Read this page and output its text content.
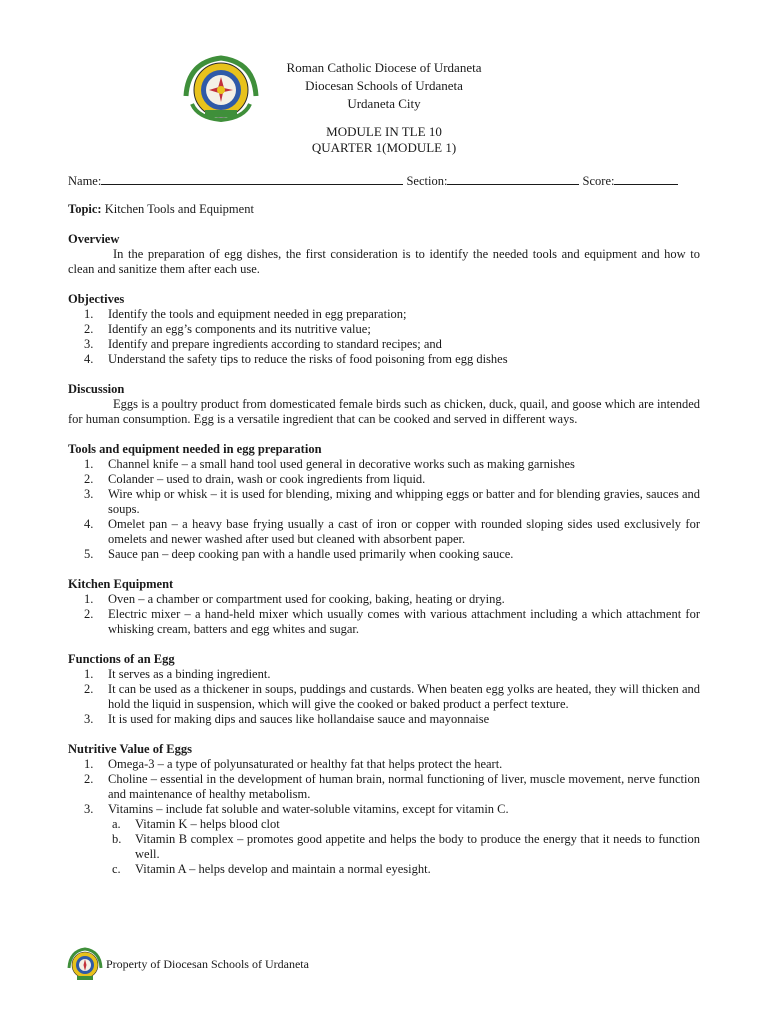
Roman Catholic Diocese of Urdaneta
Diocesan Schools of Urdaneta
Urdaneta City
MODULE IN TLE 10
QUARTER 1(MODULE 1)
Name:	Section:	Score:
Topic: Kitchen Tools and Equipment
Overview

In the preparation of egg dishes, the first consideration is to identify the needed tools and equipment and how to clean and sanitize them after each use.

Objectives
1. Identify the tools and equipment needed in egg preparation;
2. Identify an egg’s components and its nutritive value;
3. Identify and prepare ingredients according to standard recipes; and
4. Understand the safety tips to reduce the risks of food poisoning from egg dishes
Discussion

Eggs is a poultry product from domesticated female birds such as chicken, duck, quail, and goose which are intended for human consumption. Egg is a versatile ingredient that can be cooked and served in different ways.

Tools and equipment needed in egg preparation
1. Channel knife – a small hand tool used general in decorative works such as making garnishes
2. Colander – used to drain, wash or cook ingredients from liquid.
3. Wire whip or whisk – it is used for blending, mixing and whipping eggs or batter and for blending gravies, sauces and soups.
4. Omelet pan – a heavy base frying usually a cast of iron or copper with rounded sloping sides used exclusively for omelets and newer washed after used but cleaned with absorbent paper.
5. Sauce pan – deep cooking pan with a handle used primarily when cooking sauce.
Kitchen Equipment
1. Oven – a chamber or compartment used for cooking, baking, heating or drying.
2. Electric mixer – a hand-held mixer which usually comes with various attachment including a which attachment for whisking cream, batters and egg whites and sugar.
Functions of an Egg
1. It serves as a binding ingredient.
2. It can be used as a thickener in soups, puddings and custards. When beaten egg yolks are heated, they will thicken and hold the liquid in suspension, which will give the cooked or baked product a perfect texture.
3. It is used for making dips and sauces like hollandaise sauce and mayonnaise
Nutritive Value of Eggs
1. Omega-3 – a type of polyunsaturated or healthy fat that helps protect the heart.
2. Choline – essential in the development of human brain, normal functioning of liver, muscle movement, nerve function and maintenance of healthy metabolism.
3. Vitamins – include fat soluble and water-soluble vitamins, except for vitamin C.
a. Vitamin K – helps blood clot
b. Vitamin B complex – promotes good appetite and helps the body to produce the energy that it needs to function well.
c. Vitamin A – helps develop and maintain a normal eyesight.
Property of Diocesan Schools of Urdaneta
